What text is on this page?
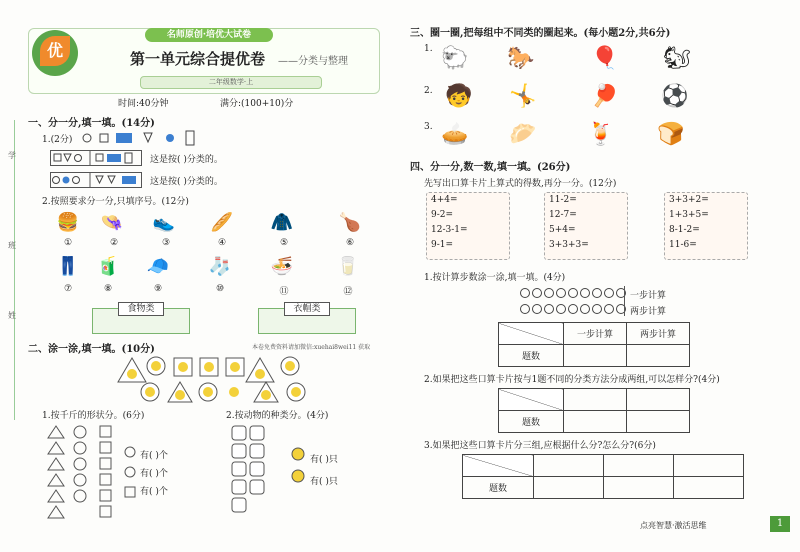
学
班
姓
优
名师原创·培优大试卷
第一单元综合提优卷 ——分类与整理
二年级数学·上
时间:40分钟	满分:(100+10)分
一、分一分,填一填。(14分)
1.(2分)
这是按( )分类的。
这是按( )分类的。
2.按照要求分一分,只填序号。(12分)
🍔 👒 👟 🥖 🧥	🍗
①	②	③	④	⑤	⑥
👖 🧃 🧢 🧦 🍜 🥛
⑦	⑧	⑨	⑩	⑪	⑫
食物类	衣帽类
二、涂一涂,填一填。(10分)	本卷免费资料请加微信:xuehai8wei11 获取
1.按千斤的形状分。(6分)	2.按动物的种类分。(4分)
有( )个
有( )个
有( )个
有( )只
有( )只
三、圈一圈,把每组中不同类的圈起来。(每小题2分,共6分)
1. 🐑 🐎	🎈 🐿
2. 🧒 🤸 🏓 ⚽
3. 🥧 🥟 🍹 🍞
四、分一分,数一数,填一填。(26分)
先写出口算卡片上算式的得数,再分一分。(12分)
4+4=
9-2=
12-3-1=
9-1=
11-2=
12-7=
5+4=
3+3+3=
3+3+2=
1+3+5=
8-1-2=
11-6=
1.按计算步数涂一涂,填一填。(4分)
一步计算
两步计算
	一步计算	两步计算
题数		
2.如果把这些口算卡片按与1题不同的分类方法分成两组,可以怎样分?(4分)

题数		
3.如果把这些口算卡片分三组,应根据什么分?怎么分?(6分)

题数			
点亮智慧·激活思维	1
